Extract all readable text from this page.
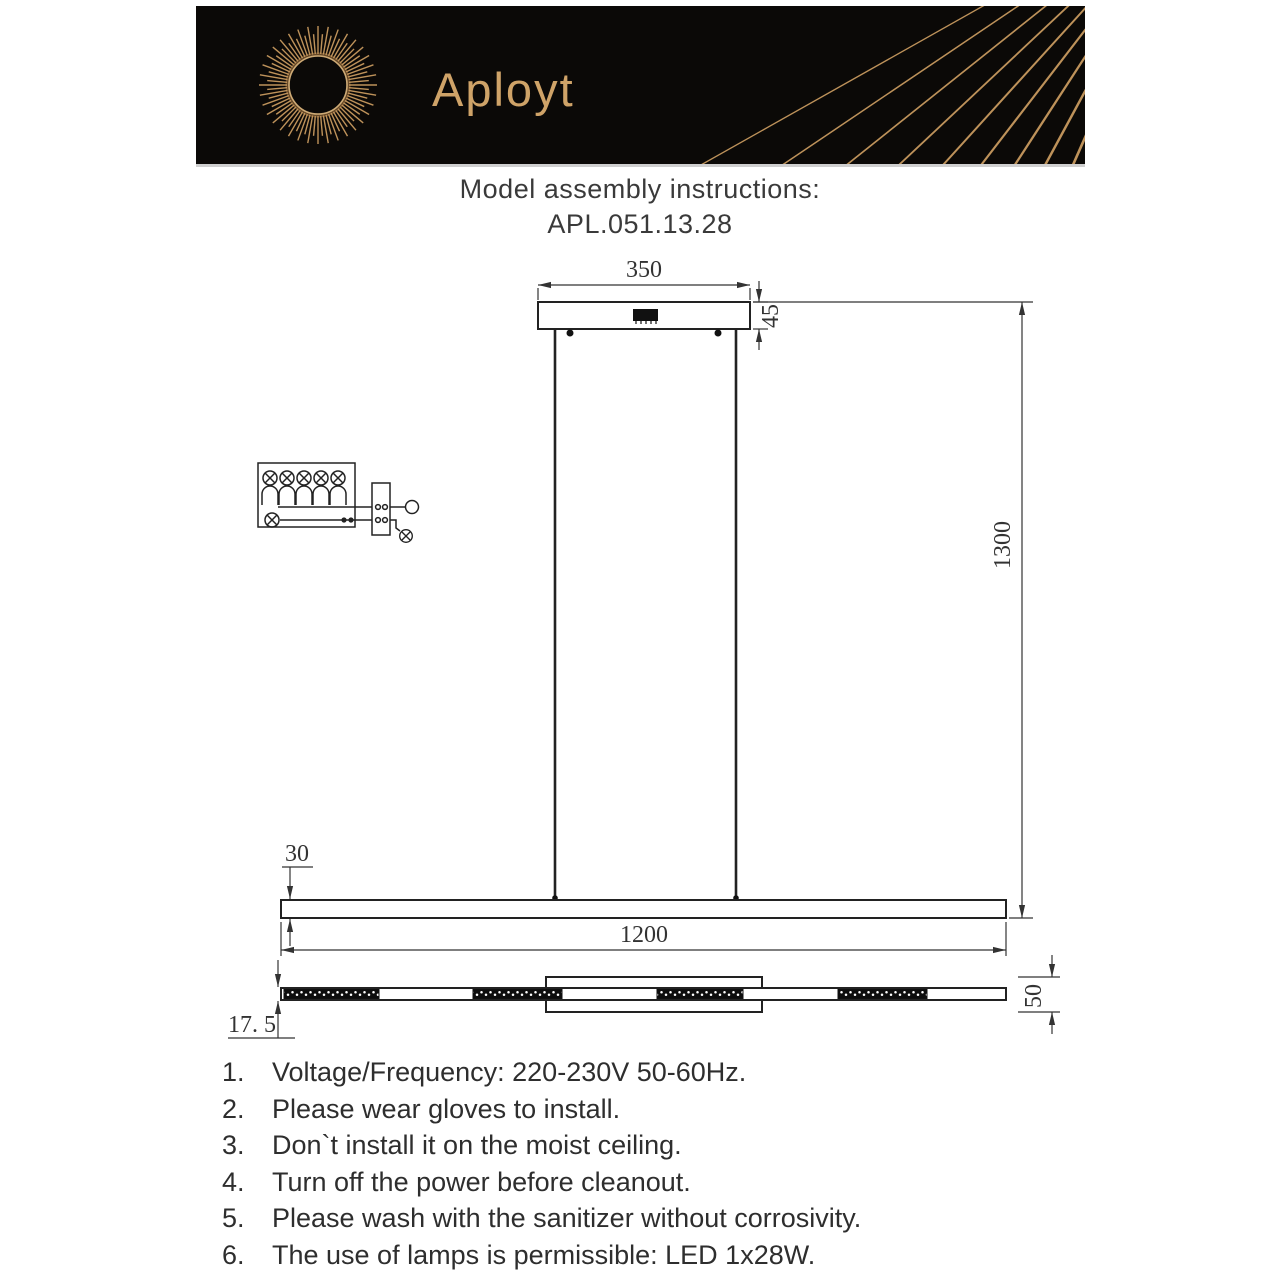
Aployt
Model assembly instructions:
APL.051.13.28
350
45
1300
30
1200
17. 5
50
1.	Voltage/Frequency: 220-230V 50-60Hz.
2.	Please wear gloves to install.
3.	Don`t install it on the moist ceiling.
4.	Turn off the power before cleanout.
5.	Please wash with the sanitizer without corrosivity.
6.	The use of lamps is permissible: LED 1x28W.
